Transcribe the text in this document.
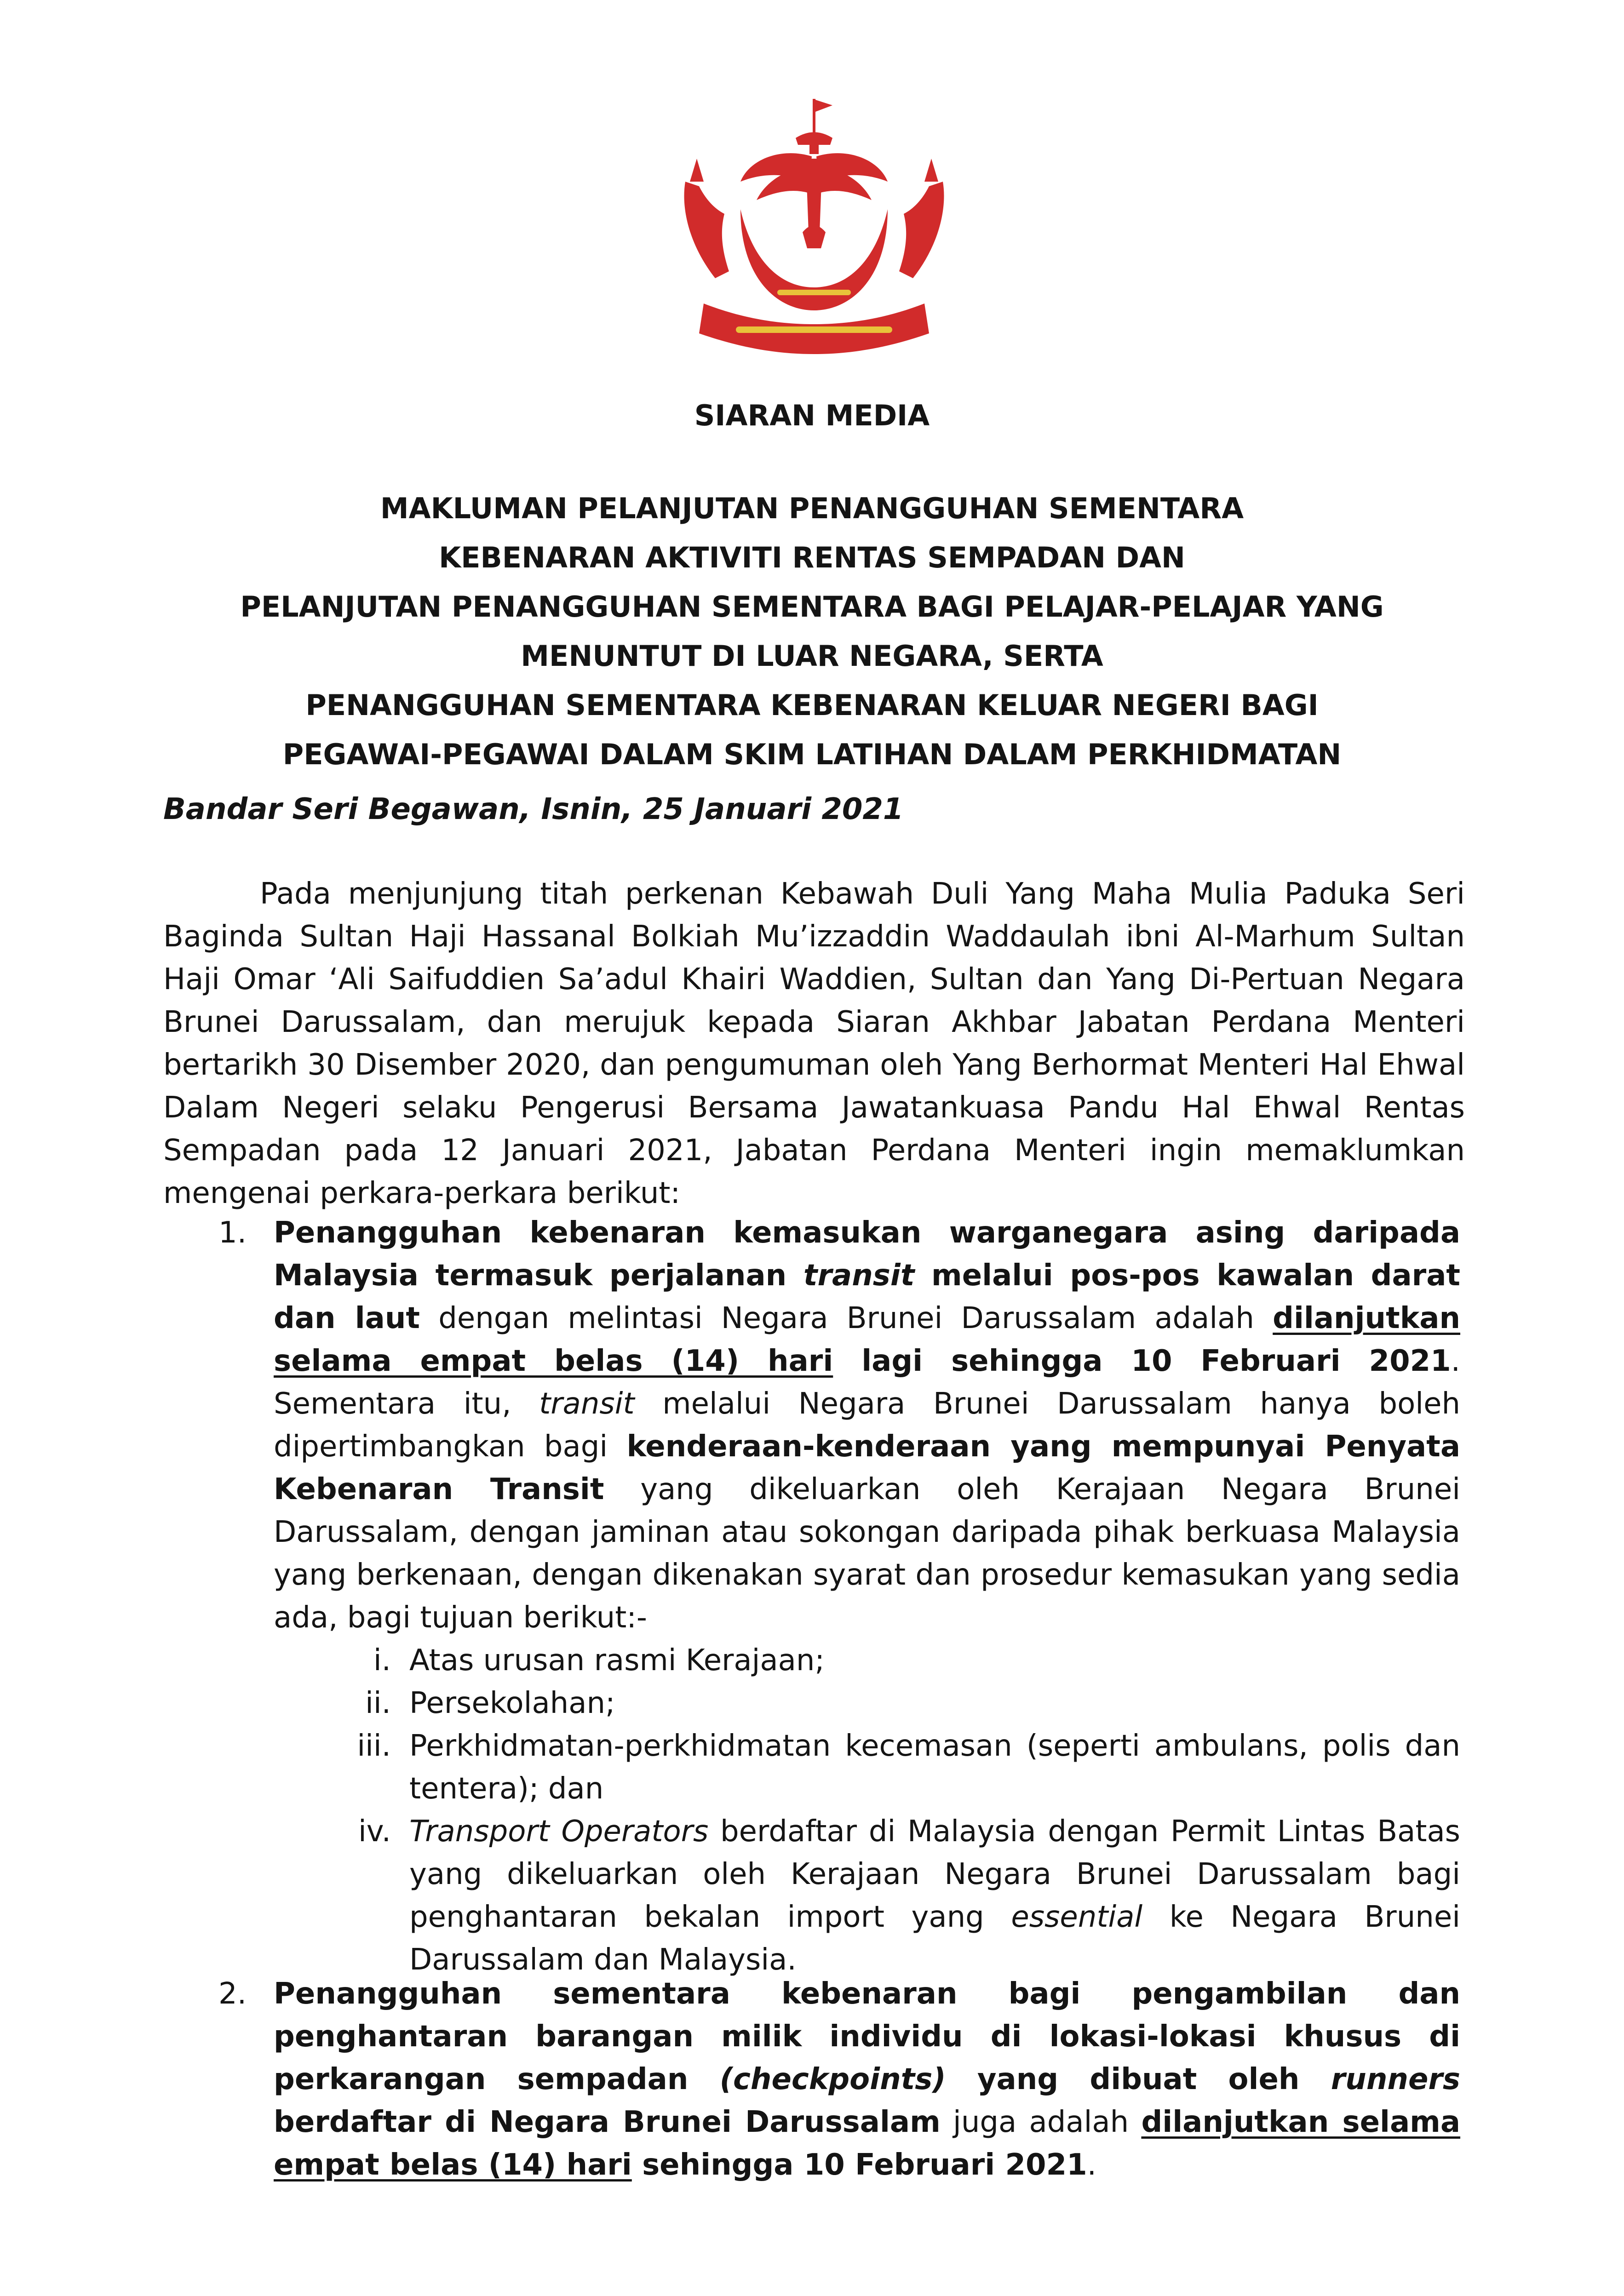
SIARAN MEDIA
MAKLUMAN PELANJUTAN PENANGGUHAN SEMENTARA
KEBENARAN AKTIVITI RENTAS SEMPADAN DAN
PELANJUTAN PENANGGUHAN SEMENTARA BAGI PELAJAR-PELAJAR YANG
MENUNTUT DI LUAR NEGARA, SERTA
PENANGGUHAN SEMENTARA KEBENARAN KELUAR NEGERI BAGI
PEGAWAI-PEGAWAI DALAM SKIM LATIHAN DALAM PERKHIDMATAN
Bandar Seri Begawan, Isnin, 25 Januari 2021
Pada menjunjung titah perkenan Kebawah Duli Yang Maha Mulia Paduka Seri Baginda Sultan Haji Hassanal Bolkiah Mu’izzaddin Waddaulah ibni Al-Marhum Sultan Haji Omar ‘Ali Saifuddien Sa’adul Khairi Waddien, Sultan dan Yang Di-Pertuan Negara Brunei Darussalam, dan merujuk kepada Siaran Akhbar Jabatan Perdana Menteri bertarikh 30 Disember 2020, dan pengumuman oleh Yang Berhormat Menteri Hal Ehwal Dalam Negeri selaku Pengerusi Bersama Jawatankuasa Pandu Hal Ehwal Rentas Sempadan pada 12 Januari 2021, Jabatan Perdana Menteri ingin memaklumkan mengenai perkara-perkara berikut:
1. Penangguhan kebenaran kemasukan warganegara asing daripada Malaysia termasuk perjalanan transit melalui pos-pos kawalan darat dan laut dengan melintasi Negara Brunei Darussalam adalah dilanjutkan selama empat belas (14) hari lagi sehingga 10 Februari 2021. Sementara itu, transit melalui Negara Brunei Darussalam hanya boleh dipertimbangkan bagi kenderaan-kenderaan yang mempunyai Penyata Kebenaran Transit yang dikeluarkan oleh Kerajaan Negara Brunei Darussalam, dengan jaminan atau sokongan daripada pihak berkuasa Malaysia yang berkenaan, dengan dikenakan syarat dan prosedur kemasukan yang sedia ada, bagi tujuan berikut:-
i. Atas urusan rasmi Kerajaan;
ii. Persekolahan;
iii. Perkhidmatan-perkhidmatan kecemasan (seperti ambulans, polis dan tentera); dan
iv. Transport Operators berdaftar di Malaysia dengan Permit Lintas Batas yang dikeluarkan oleh Kerajaan Negara Brunei Darussalam bagi penghantaran bekalan import yang essential ke Negara Brunei Darussalam dan Malaysia.
2. Penangguhan sementara kebenaran bagi pengambilan dan penghantaran barangan milik individu di lokasi-lokasi khusus di perkarangan sempadan (checkpoints) yang dibuat oleh runners berdaftar di Negara Brunei Darussalam juga adalah dilanjutkan selama empat belas (14) hari sehingga 10 Februari 2021.
